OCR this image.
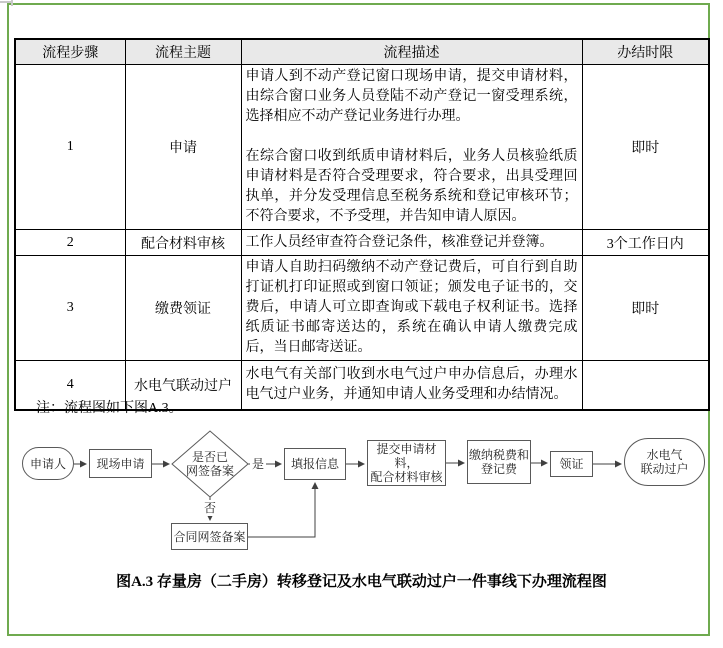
流程步骤	流程主题	流程描述	办结时限
1	申请	申请人到不动产登记窗口现场申请，提交申请材料，由综合窗口业务人员登陆不动产登记一窗受理系统，选择相应不动产登记业务进行办理。

在综合窗口收到纸质申请材料后，业务人员核验纸质申请材料是否符合受理要求，符合要求，出具受理回执单，并分发受理信息至税务系统和登记审核环节；不符合要求，不予受理，并告知申请人原因。	即时
2	配合材料审核	工作人员经审查符合登记条件，核准登记并登簿。	3个工作日内
3	缴费领证	申请人自助扫码缴纳不动产登记费后，可自行到自助打证机打印证照或到窗口领证；颁发电子证书的，交费后，申请人可立即查询或下载电子权利证书。选择纸质证书邮寄送达的，系统在确认申请人缴费完成后，当日邮寄送证。	即时
4	水电气联动过户	水电气有关部门收到水电气过户申办信息后，办理水电气过户业务，并通知申请人业务受理和办结情况。	

注：流程图如下图A.3。
申请人	现场申请	是否已
网签备案	是
否
合同网签备案
填报信息
提交申请材料，
配合材料审核
缴纳税费和
登记费	领证
水电气
联动过户
图A.3 存量房（二手房）转移登记及水电气联动过户一件事线下办理流程图
